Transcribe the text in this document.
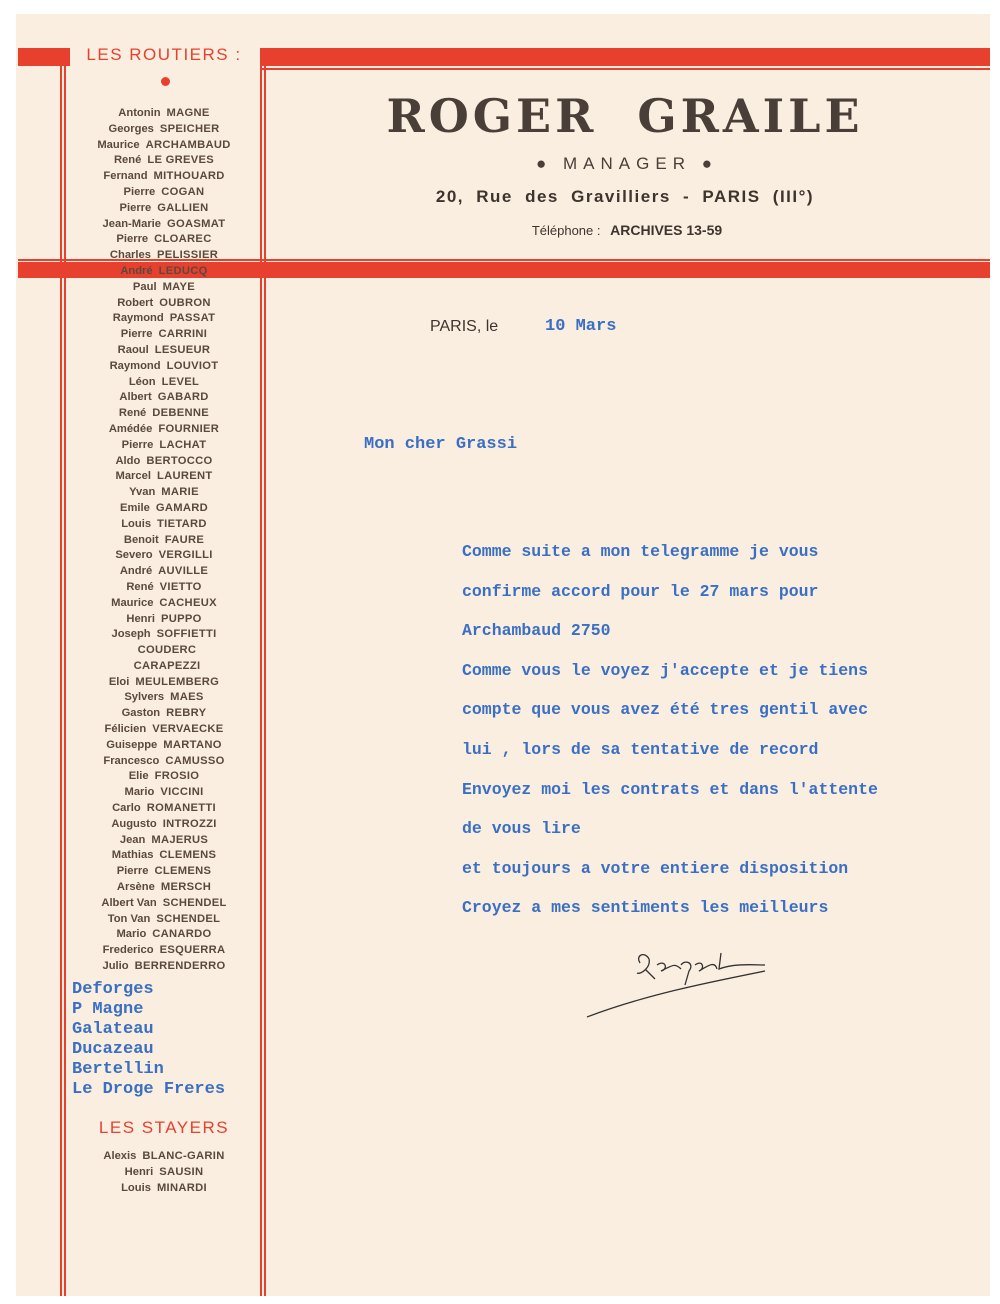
LES ROUTIERS :
Antonin MAGNE
Georges SPEICHER
Maurice ARCHAMBAUD
René LE GREVES
Fernand MITHOUARD
Pierre COGAN
Pierre GALLIEN
Jean-Marie GOASMAT
Pierre CLOAREC
Charles PELISSIER
André LEDUCQ
Paul MAYE
Robert OUBRON
Raymond PASSAT
Pierre CARRINI
Raoul LESUEUR
Raymond LOUVIOT
Léon LEVEL
Albert GABARD
René DEBENNE
Amédée FOURNIER
Pierre LACHAT
Aldo BERTOCCO
Marcel LAURENT
Yvan MARIE
Emile GAMARD
Louis TIETARD
Benoit FAURE
Severo VERGILLI
André AUVILLE
René VIETTO
Maurice CACHEUX
Henri PUPPO
Joseph SOFFIETTI
COUDERC
CARAPEZZI
Eloi MEULEMBERG
Sylvers MAES
Gaston REBRY
Félicien VERVAECKE
Guiseppe MARTANO
Francesco CAMUSSO
Elie FROSIO
Mario VICCINI
Carlo ROMANETTI
Augusto INTROZZI
Jean MAJERUS
Mathias CLEMENS
Pierre CLEMENS
Arsène MERSCH
Albert Van SCHENDEL
Ton Van SCHENDEL
Mario CANARDO
Frederico ESQUERRA
Julio BERRENDERRO
Deforges
P Magne
Galateau
Ducazeau
Bertellin
Le Droge Freres
LES STAYERS
Alexis BLANC-GARIN
Henri SAUSIN
Louis MINARDI
ROGER GRAILE
● MANAGER ●
20, Rue des Gravilliers - PARIS (III°)
Téléphone : ARCHIVES 13-59
PARIS, le	10 Mars
Mon cher Grassi
Comme suite a mon telegramme je vous
confirme accord pour le 27 mars pour
Archambaud 2750
Comme vous le voyez j'accepte et je tiens
compte que vous avez été tres gentil avec
lui , lors de sa tentative de record
Envoyez moi les contrats et dans l'attente
de vous lire
et toujours a votre entiere disposition
Croyez a mes sentiments les meilleurs
